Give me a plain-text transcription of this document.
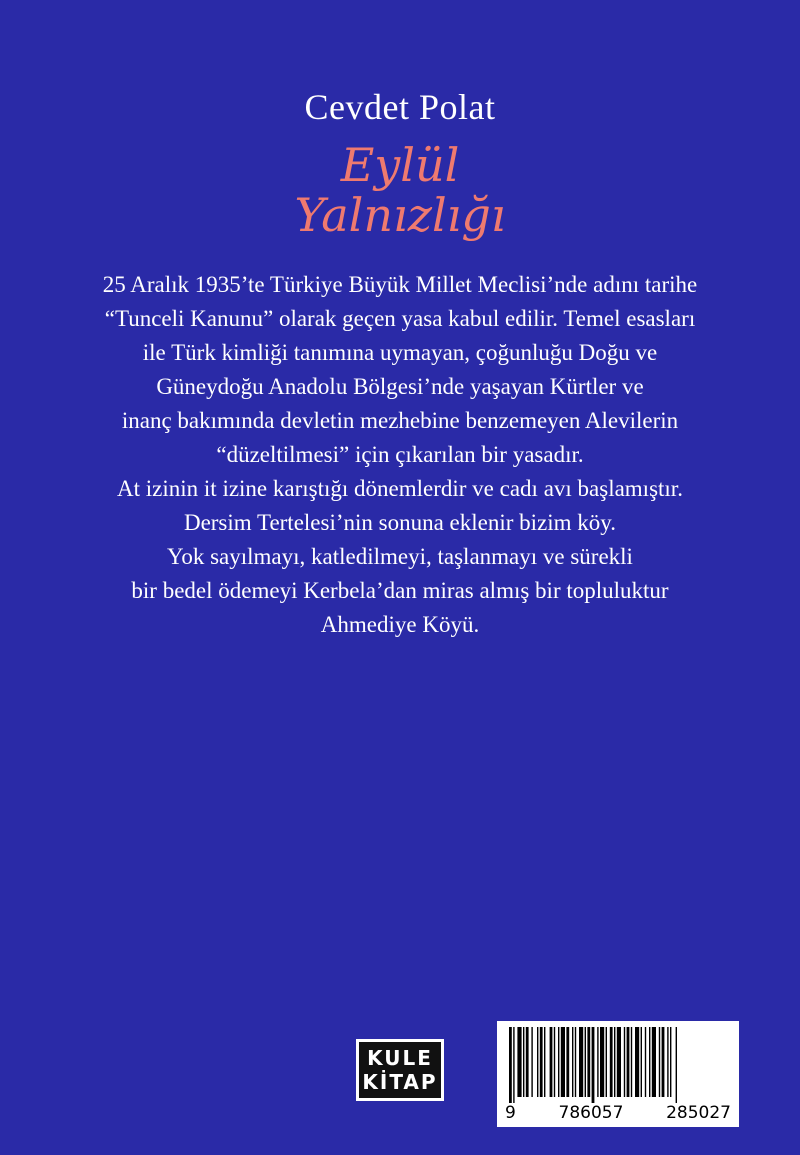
Cevdet Polat
Eylül
Yalnızlığı

25 Aralık 1935’te Türkiye Büyük Millet Meclisi’nde adını tarihe

“Tunceli Kanunu” olarak geçen yasa kabul edilir. Temel esasları

ile Türk kimliği tanımına uymayan, çoğunluğu Doğu ve

Güneydoğu Anadolu Bölgesi’nde yaşayan Kürtler ve

inanç bakımında devletin mezhebine benzemeyen Alevilerin

“düzeltilmesi” için çıkarılan bir yasadır.

At izinin it izine karıştığı dönemlerdir ve cadı avı başlamıştır.

Dersim Tertelesi’nin sonuna eklenir bizim köy.

Yok sayılmayı, katledilmeyi, taşlanmayı ve sürekli

bir bedel ödemeyi Kerbela’dan miras almış bir topluluktur

Ahmediye Köyü.

KULE
KİTAP
9	786057	285027
